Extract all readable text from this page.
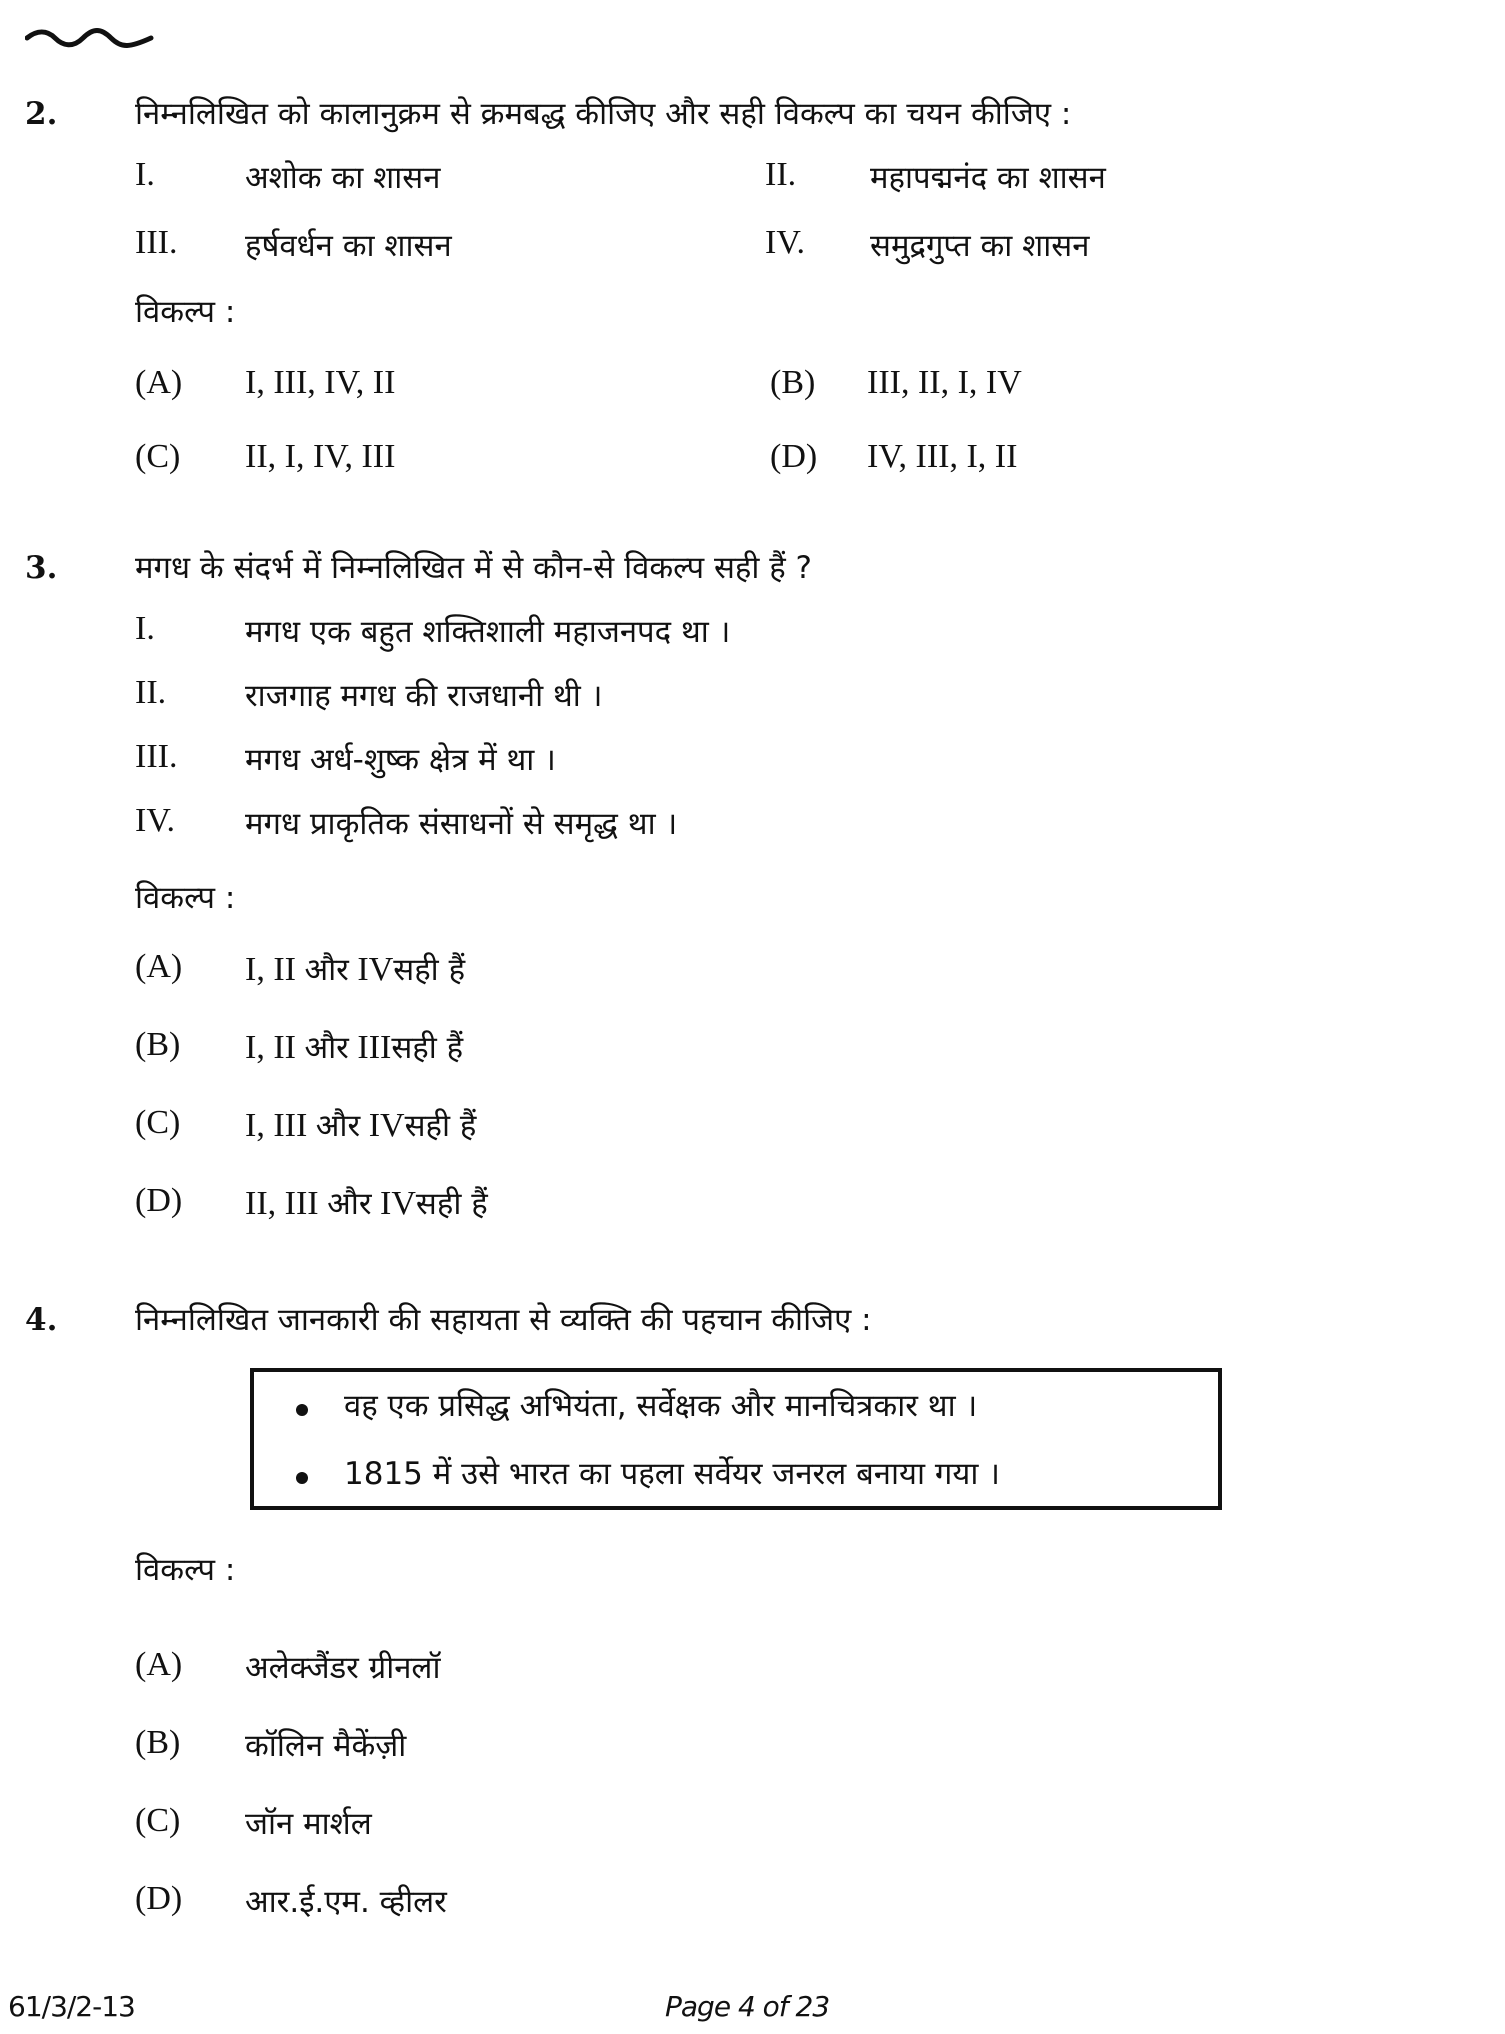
2.	निम्नलिखित को कालानुक्रम से क्रमबद्ध कीजिए और सही विकल्प का चयन कीजिए :
I.	अशोक का शासन	II. महापद्मनंद का शासन
III. हर्षवर्धन का शासन	IV. समुद्रगुप्त का शासन
विकल्प :
(A) I, III, IV, II	(B) III, II, I, IV
(C) II, I, IV, III	(D) IV, III, I, II
3.	मगध के संदर्भ में निम्नलिखित में से कौन-से विकल्प सही हैं ?
I.	मगध एक बहुत शक्तिशाली महाजनपद था ।
II.	राजगाह मगध की राजधानी थी ।
III. मगध अर्ध-शुष्क क्षेत्र में था ।
IV. मगध प्राकृतिक संसाधनों से समृद्ध था ।
विकल्प :
(A) I, II और IVसही हैं
(B) I, II और IIIसही हैं
(C) I, III और IVसही हैं
(D) II, III और IVसही हैं
4.	निम्नलिखित जानकारी की सहायता से व्यक्ति की पहचान कीजिए :
वह एक प्रसिद्ध अभियंता, सर्वेक्षक और मानचित्रकार था ।
1815 में उसे भारत का पहला सर्वेयर जनरल बनाया गया ।
विकल्प :
(A) अलेक्जैंडर ग्रीनलॉ
(B) कॉलिन मैकेंज़ी
(C) जॉन मार्शल
(D) आर.ई.एम. व्हीलर
61/3/2-13	Page 4 of 23
